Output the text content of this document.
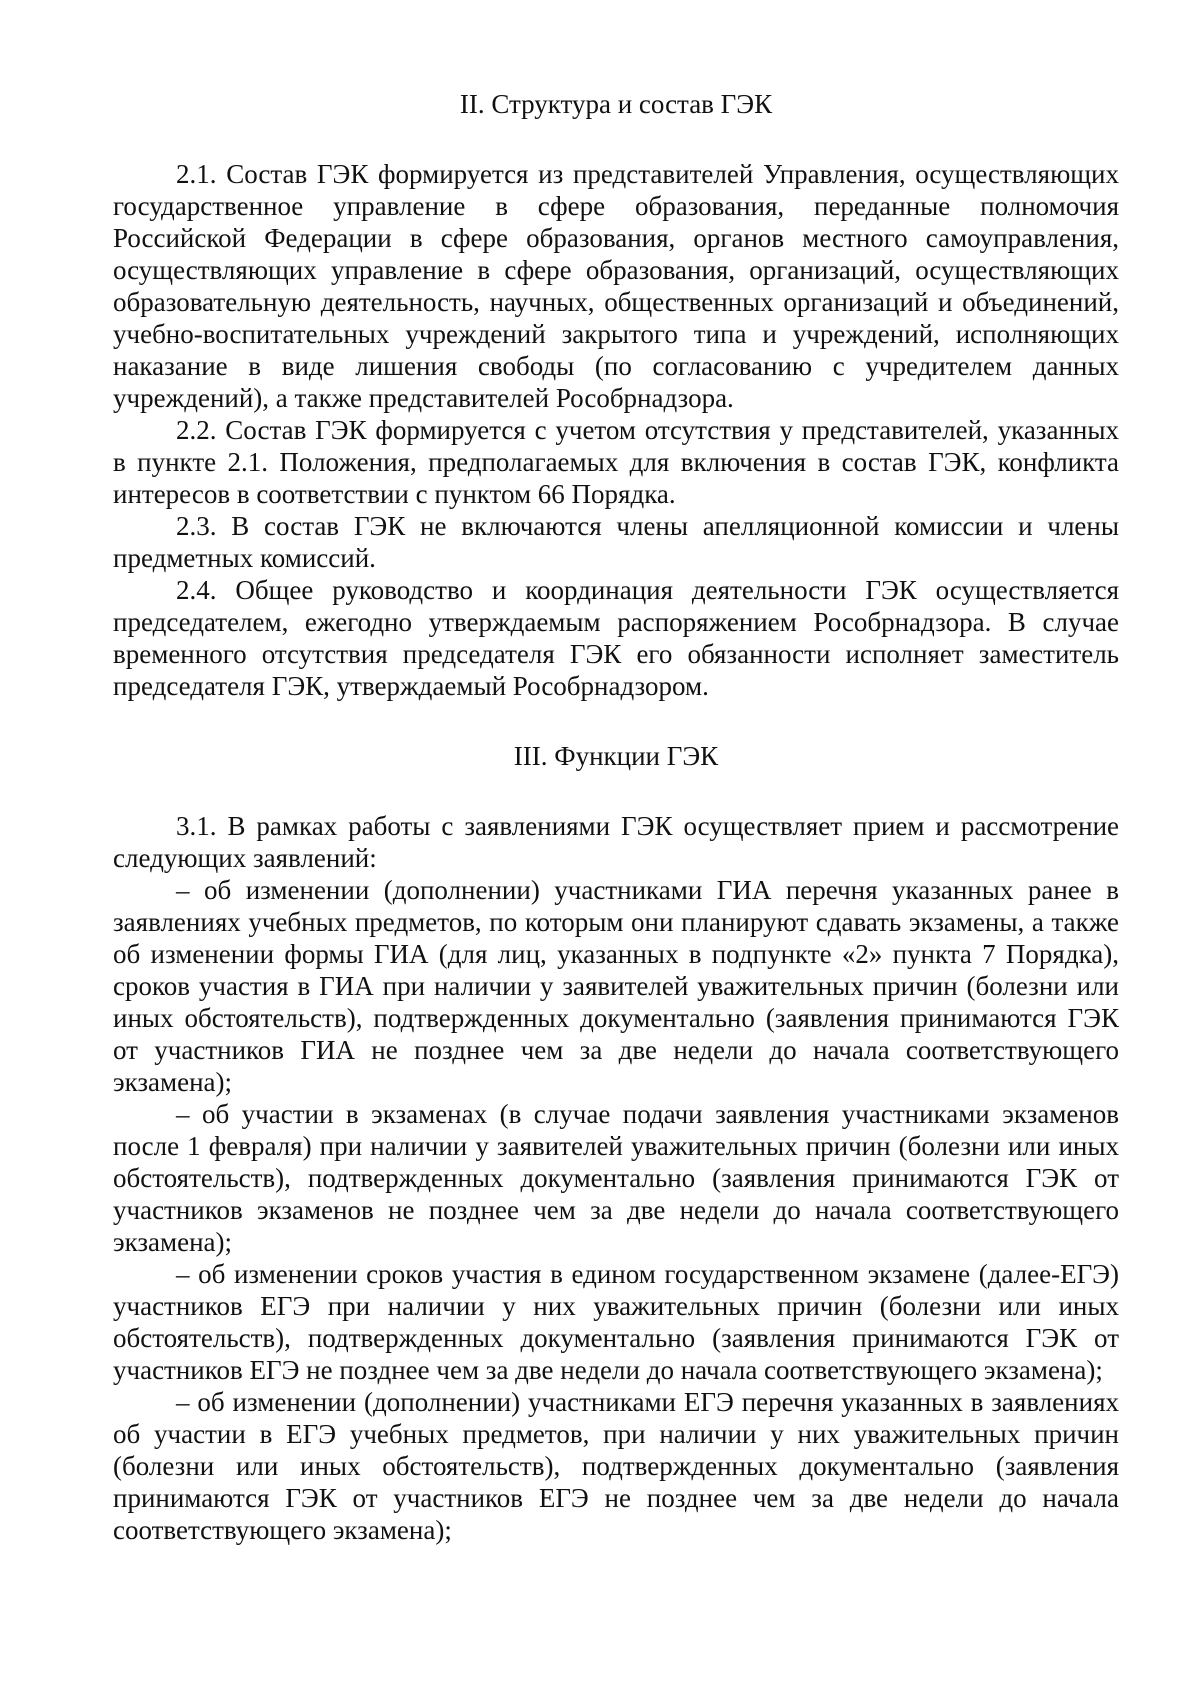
II. Структура и состав ГЭК

2.1. Состав ГЭК формируется из представителей Управления, осуществляющих государственное управление в сфере образования, переданные полномочия Российской Федерации в сфере образования, органов местного самоуправления, осуществляющих управление в сфере образования, организаций, осуществляющих образовательную деятельность, научных, общественных организаций и объединений, учебно-воспитательных учреждений закрытого типа и учреждений, исполняющих наказание в виде лишения свободы (по согласованию с учредителем данных учреждений), а также представителей Рособрнадзора.

2.2. Состав ГЭК формируется с учетом отсутствия у представителей, указанных в пункте 2.1. Положения, предполагаемых для включения в состав ГЭК, конфликта интересов в соответствии с пунктом 66 Порядка.

2.3. В состав ГЭК не включаются члены апелляционной комиссии и члены предметных комиссий.

2.4. Общее руководство и координация деятельности ГЭК осуществляется председателем, ежегодно утверждаемым распоряжением Рособрнадзора. В случае временного отсутствия председателя ГЭК его обязанности исполняет заместитель председателя ГЭК, утверждаемый Рособрнадзором.

III. Функции ГЭК

3.1. В рамках работы с заявлениями ГЭК осуществляет прием и рассмотрение следующих заявлений:

– об изменении (дополнении) участниками ГИА перечня указанных ранее в заявлениях учебных предметов, по которым они планируют сдавать экзамены, а также об изменении формы ГИА (для лиц, указанных в подпункте «2» пункта 7 Порядка), сроков участия в ГИА при наличии у заявителей уважительных причин (болезни или иных обстоятельств), подтвержденных документально (заявления принимаются ГЭК от участников ГИА не позднее чем за две недели до начала соответствующего экзамена);

– об участии в экзаменах (в случае подачи заявления участниками экзаменов после 1 февраля) при наличии у заявителей уважительных причин (болезни или иных обстоятельств), подтвержденных документально (заявления принимаются ГЭК от участников экзаменов не позднее чем за две недели до начала соответствующего экзамена);

– об изменении сроков участия в едином государственном экзамене (далее-ЕГЭ) участников ЕГЭ при наличии у них уважительных причин (болезни или иных обстоятельств), подтвержденных документально (заявления принимаются ГЭК от участников ЕГЭ не позднее чем за две недели до начала соответствующего экзамена);

– об изменении (дополнении) участниками ЕГЭ перечня указанных в заявлениях об участии в ЕГЭ учебных предметов, при наличии у них уважительных причин (болезни или иных обстоятельств), подтвержденных документально (заявления принимаются ГЭК от участников ЕГЭ не позднее чем за две недели до начала соответствующего экзамена);
